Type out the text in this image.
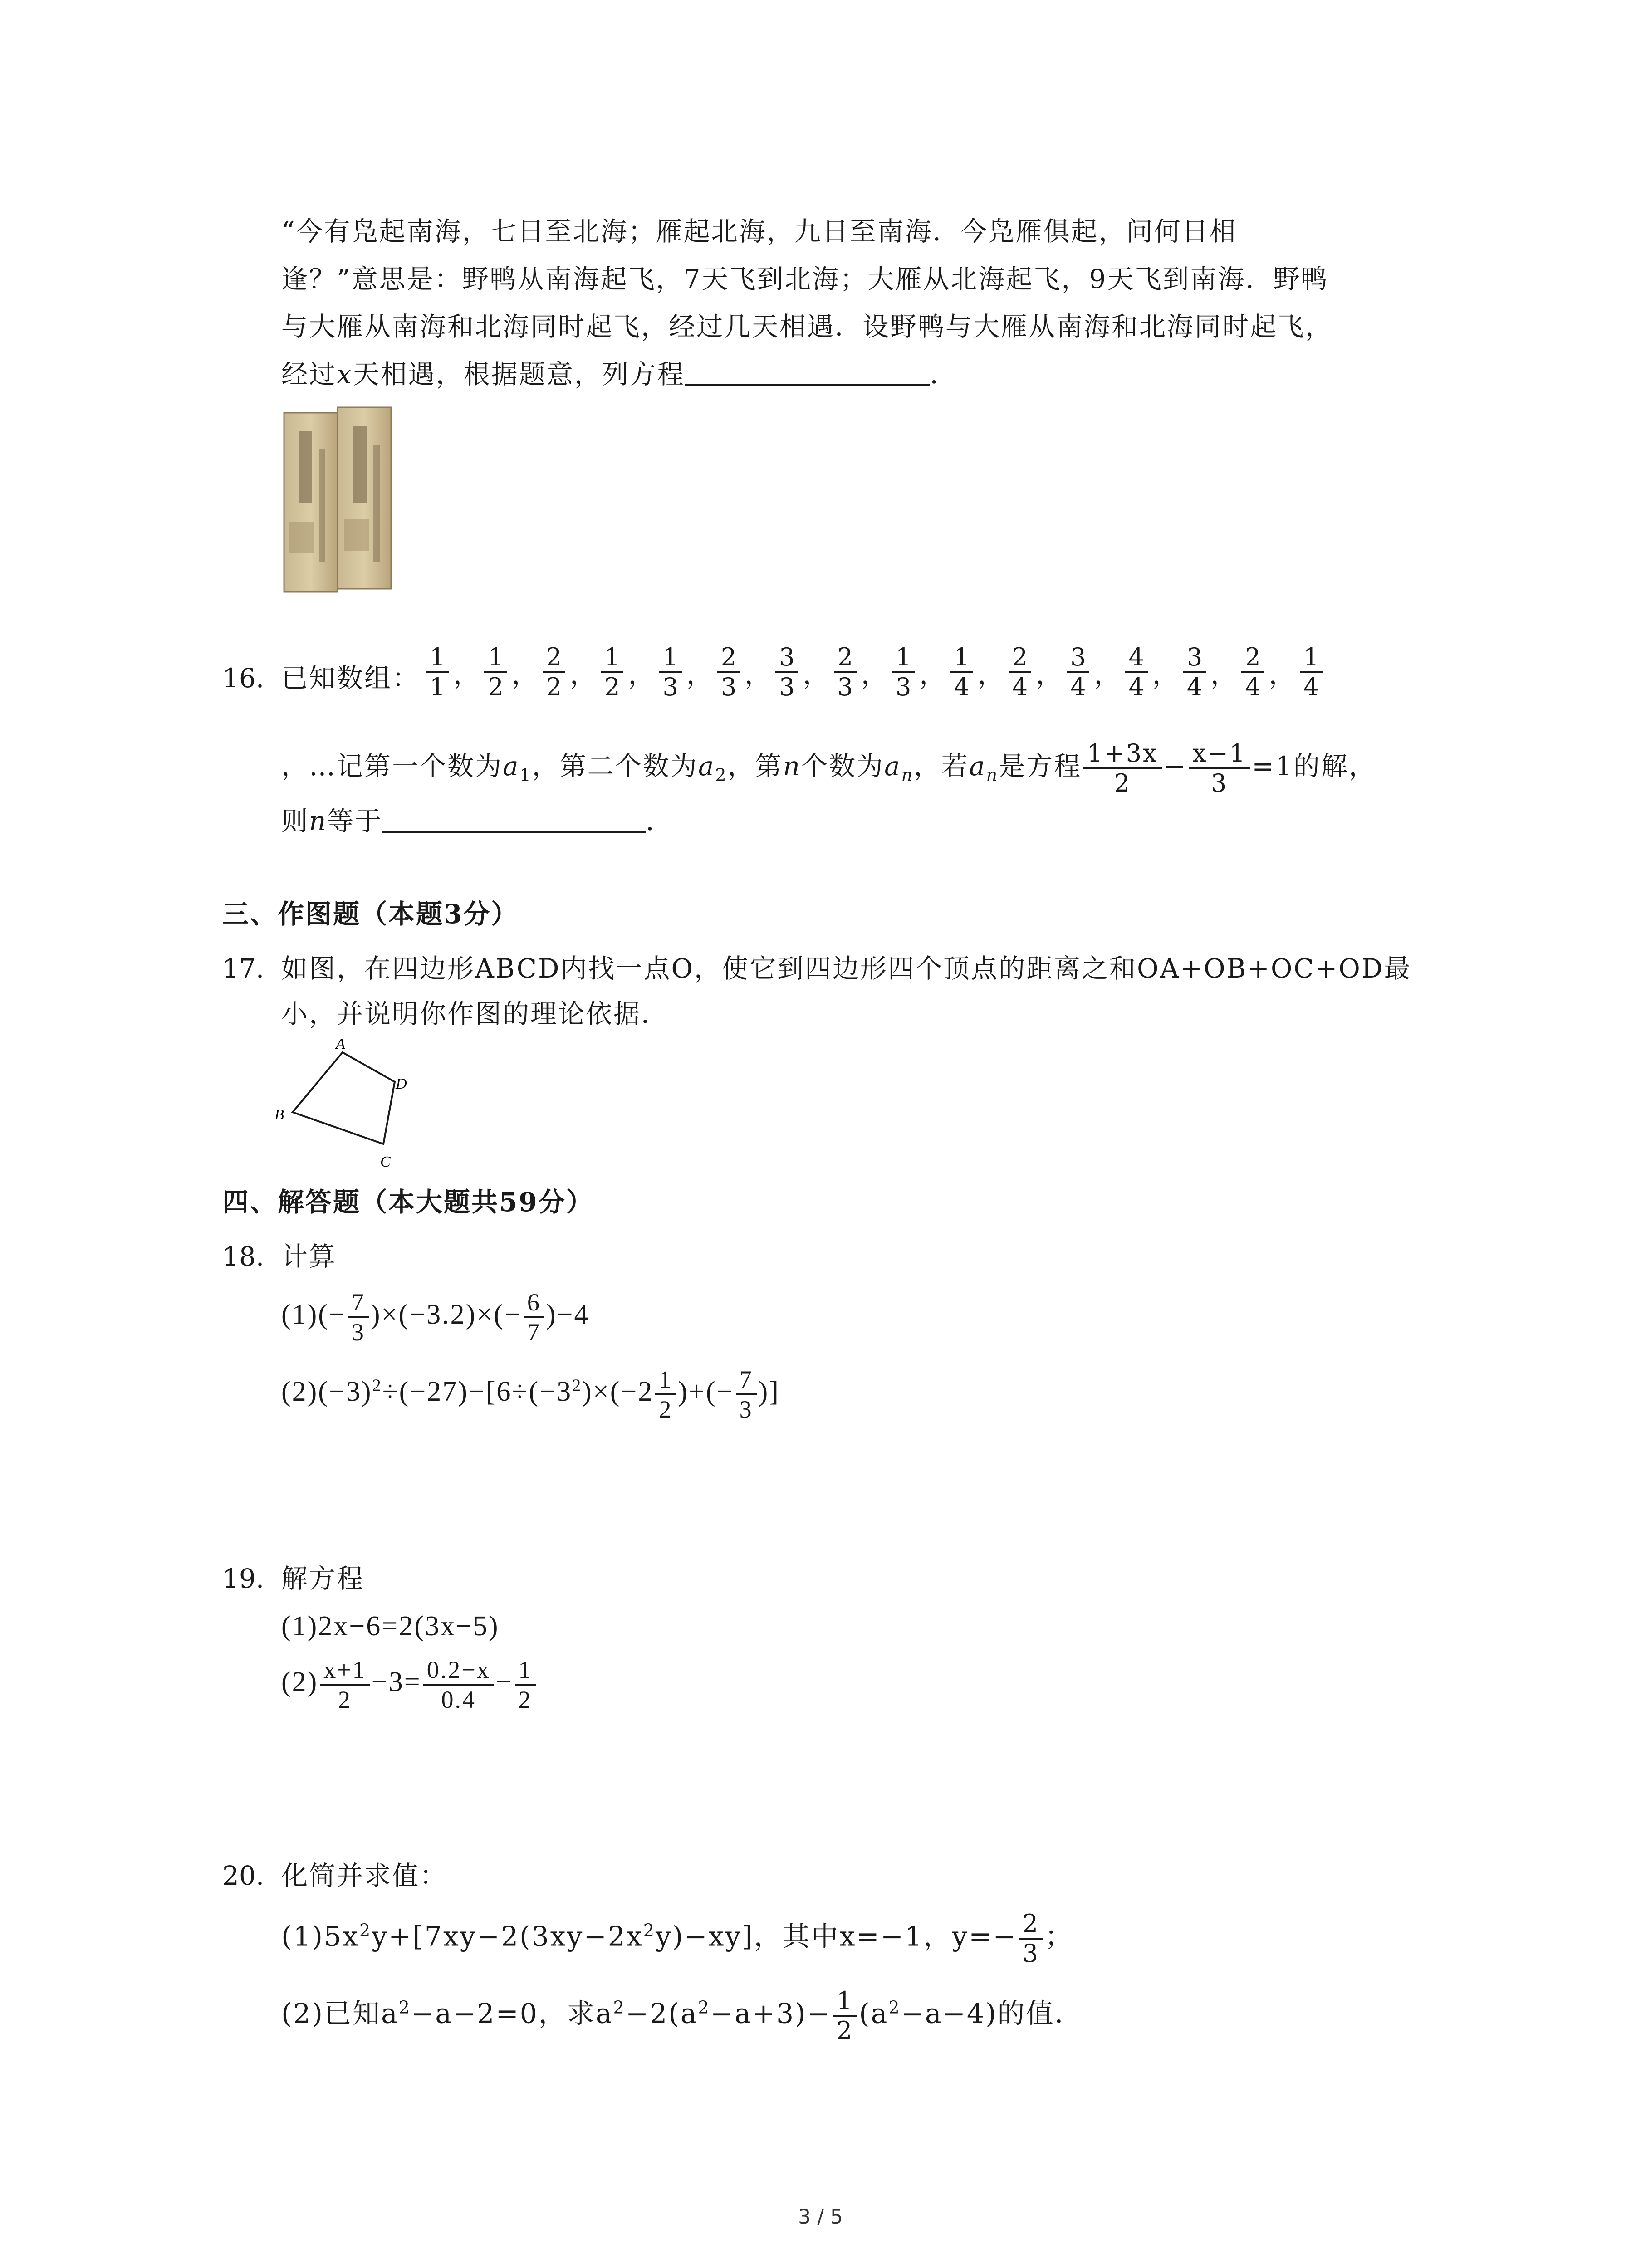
“今有凫起南海，七日至北海；雁起北海，九日至南海．今凫雁俱起，问何日相
逢？”意思是：野鸭从南海起飞，7天飞到北海；大雁从北海起飞，9天飞到南海．野鸭
与大雁从南海和北海同时起飞，经过几天相遇．设野鸭与大雁从南海和北海同时起飞，
经过x天相遇，根据题意，列方程	．
16. 已知数组： $\frac{1}{1}$ ， $\frac{1}{2}$ ， $\frac{2}{2}$ ， $\frac{1}{2}$ ， $\frac{1}{3}$ ， $\frac{2}{3}$ ， $\frac{3}{3}$ ， $\frac{2}{3}$ ， $\frac{1}{3}$ ， $\frac{1}{4}$ ， $\frac{2}{4}$ ， $\frac{3}{4}$ ， $\frac{4}{4}$ ， $\frac{3}{4}$ ， $\frac{2}{4}$ ， $\frac{1}{4}$
，…记第一个数为$a_1$，第二个数为$a_2$，第n个数为$a_n$，若$a_n$是方程 $\frac{1+3x}{2} - \frac{x-1}{3} =1$的解，
则n等于	．
三、作图题（本题3分）
17. 如图，在四边形ABCD内找一点O，使它到四边形四个顶点的距离之和OA+OB+OC+OD最
小，并说明你作图的理论依据．
A
D
B
C
四、解答题（本大题共59分）
18. 计算
$(1)(- \frac{7}{3} )\times(-3.2)\times(- \frac{6}{7} )-4$
$(2)(-3)^2\div(-27)-[6\div(-3^2)\times(-2 \frac{1}{2}$ )+(− $\frac{7}{3}$ )]
19. 解方程
(1)2x−6=2(3x−5)
$(2) \frac{x+1}{2} -3= \frac{0.2-x}{0.4} - \frac{1}{2}$
20. 化简并求值：
$(1)5x^2y+[7xy-2(3xy-2x^2y)-xy]$，其中x=−1，$y=- \frac{2}{3}$ ；
(2)已知$a^2-a-2=0$，求$a^2-2(a^2-a+3)- \frac{1}{2} (a^2-a-4)$的值．
3 / 5
